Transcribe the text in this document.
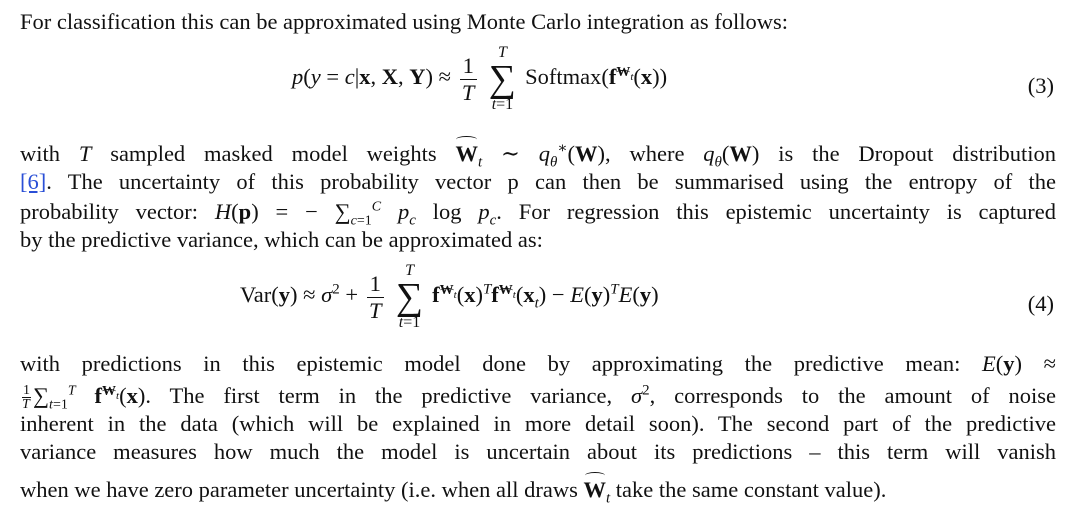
For classification this can be approximated using Monte Carlo integration as follows:
p(y = c|x, X, $Y) \approx \frac{1}{T}$
	T
∑
t=1
$Softmax(f^{W_t}(x))$	(3)
with T sampled masked model weights $W_t$ ∼ $q_\theta^∗(W)$, where $q_\theta(W)$ is the Dropout distribution
[6]. The uncertainty of this probability vector p can then be summarised using the entropy of the
probability vector: H(p) = − $\sum_{c=1}^C$ $p_c$ $\log p_c$. For regression this epistemic uncertainty is captured
by the predictive variance, which can be approximated as:
$Var(y) \approx \sigma^2 + \frac{1}{T}$
	T
∑
t=1
$f^{W_t}(x)^Tf^{W_t}(x_t) - E(y)^TE(y)$	(4)
with predictions in this epistemic model done by approximating the predictive mean: E(y) ≈
$\frac{1}{T}\sum_{t=1}^T$ $f^{W_t}(x)$. The first term in the predictive variance, $\sigma^2$, corresponds to the amount of noise
inherent in the data (which will be explained in more detail soon). The second part of the predictive
variance measures how much the model is uncertain about its predictions – this term will vanish
when we have zero parameter uncertainty (i.e. when all draws $W_t$ take the same constant value).
